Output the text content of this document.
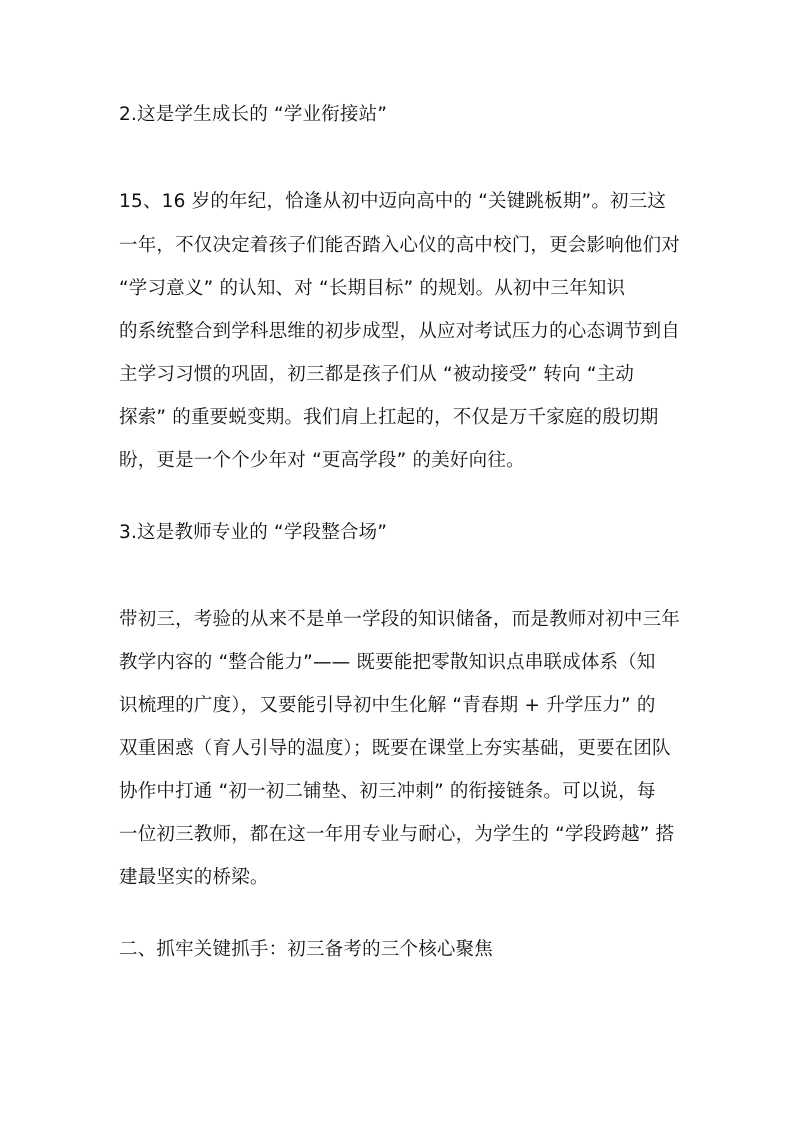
2.这是学生成长的 “学业衔接站”
15、16 岁的年纪，恰逢从初中迈向高中的 “关键跳板期”。初三这
一年，不仅决定着孩子们能否踏入心仪的高中校门，更会影响他们对
“学习意义” 的认知、对 “长期目标” 的规划。从初中三年知识
的系统整合到学科思维的初步成型，从应对考试压力的心态调节到自
主学习习惯的巩固，初三都是孩子们从 “被动接受” 转向 “主动
探索” 的重要蜕变期。我们肩上扛起的，不仅是万千家庭的殷切期
盼，更是一个个少年对 “更高学段” 的美好向往。
3.这是教师专业的 “学段整合场”
带初三，考验的从来不是单一学段的知识储备，而是教师对初中三年
教学内容的 “整合能力”—— 既要能把零散知识点串联成体系（知
识梳理的广度），又要能引导初中生化解 “青春期 + 升学压力” 的
双重困惑（育人引导的温度）；既要在课堂上夯实基础，更要在团队
协作中打通 “初一初二铺垫、初三冲刺” 的衔接链条。可以说，每
一位初三教师，都在这一年用专业与耐心，为学生的 “学段跨越” 搭
建最坚实的桥梁。
二、抓牢关键抓手：初三备考的三个核心聚焦
